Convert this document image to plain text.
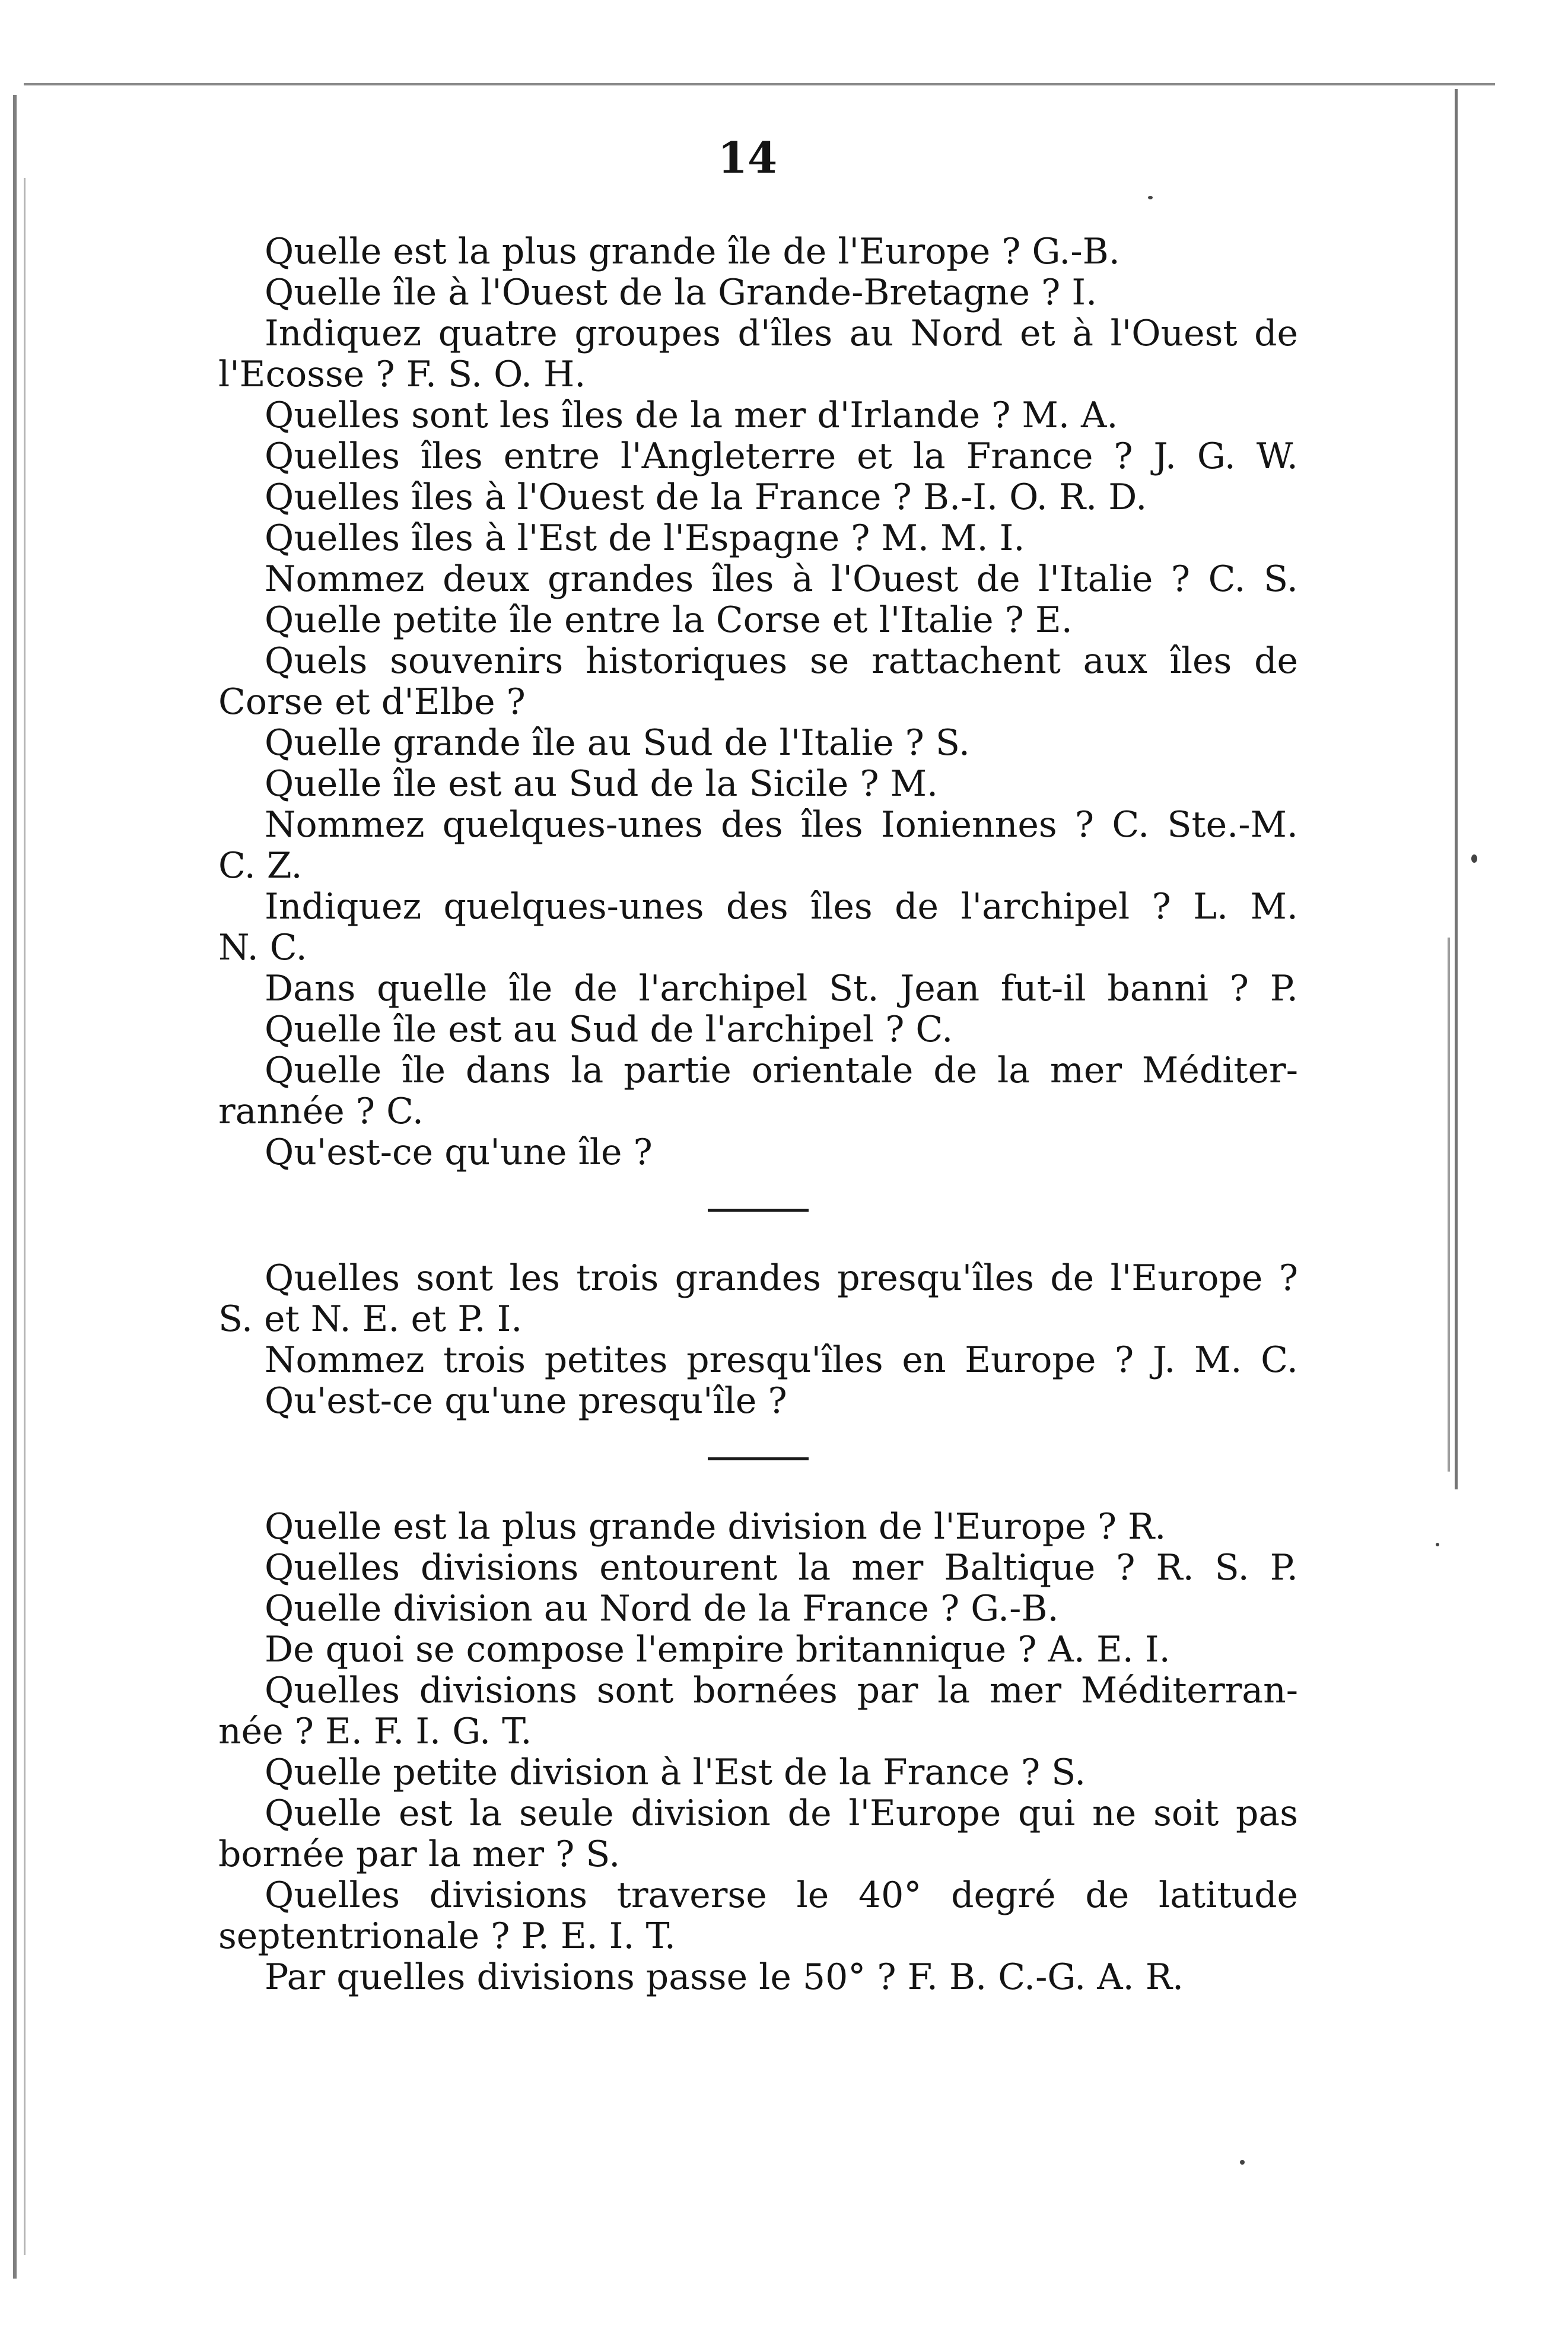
14
Quelle est la plus grande île de l'Europe ? G.-B.
Quelle île à l'Ouest de la Grande-Bretagne ? I.
Indiquez quatre groupes d'îles au Nord et à l'Ouest de
l'Ecosse ? F. S. O. H.
Quelles sont les îles de la mer d'Irlande ? M. A.
Quelles îles entre l'Angleterre et la France ? J. G. W.
Quelles îles à l'Ouest de la France ? B.-I. O. R. D.
Quelles îles à l'Est de l'Espagne ? M. M. I.
Nommez deux grandes îles à l'Ouest de l'Italie ? C. S.
Quelle petite île entre la Corse et l'Italie ? E.
Quels souvenirs historiques se rattachent aux îles de
Corse et d'Elbe ?
Quelle grande île au Sud de l'Italie ? S.
Quelle île est au Sud de la Sicile ? M.
Nommez quelques-unes des îles Ioniennes ? C. Ste.-M.
C. Z.
Indiquez quelques-unes des îles de l'archipel ? L. M.
N. C.
Dans quelle île de l'archipel St. Jean fut-il banni ? P.
Quelle île est au Sud de l'archipel ? C.
Quelle île dans la partie orientale de la mer Méditer-
rannée ? C.
Qu'est-ce qu'une île ?
Quelles sont les trois grandes presqu'îles de l'Europe ?
S. et N. E. et P. I.
Nommez trois petites presqu'îles en Europe ? J. M. C.
Qu'est-ce qu'une presqu'île ?
Quelle est la plus grande division de l'Europe ? R.
Quelles divisions entourent la mer Baltique ? R. S. P.
Quelle division au Nord de la France ? G.-B.
De quoi se compose l'empire britannique ? A. E. I.
Quelles divisions sont bornées par la mer Méditerran-
née ? E. F. I. G. T.
Quelle petite division à l'Est de la France ? S.
Quelle est la seule division de l'Europe qui ne soit pas
bornée par la mer ? S.
Quelles divisions traverse le 40° degré de latitude
septentrionale ? P. E. I. T.
Par quelles divisions passe le 50° ? F. B. C.-G. A. R.
